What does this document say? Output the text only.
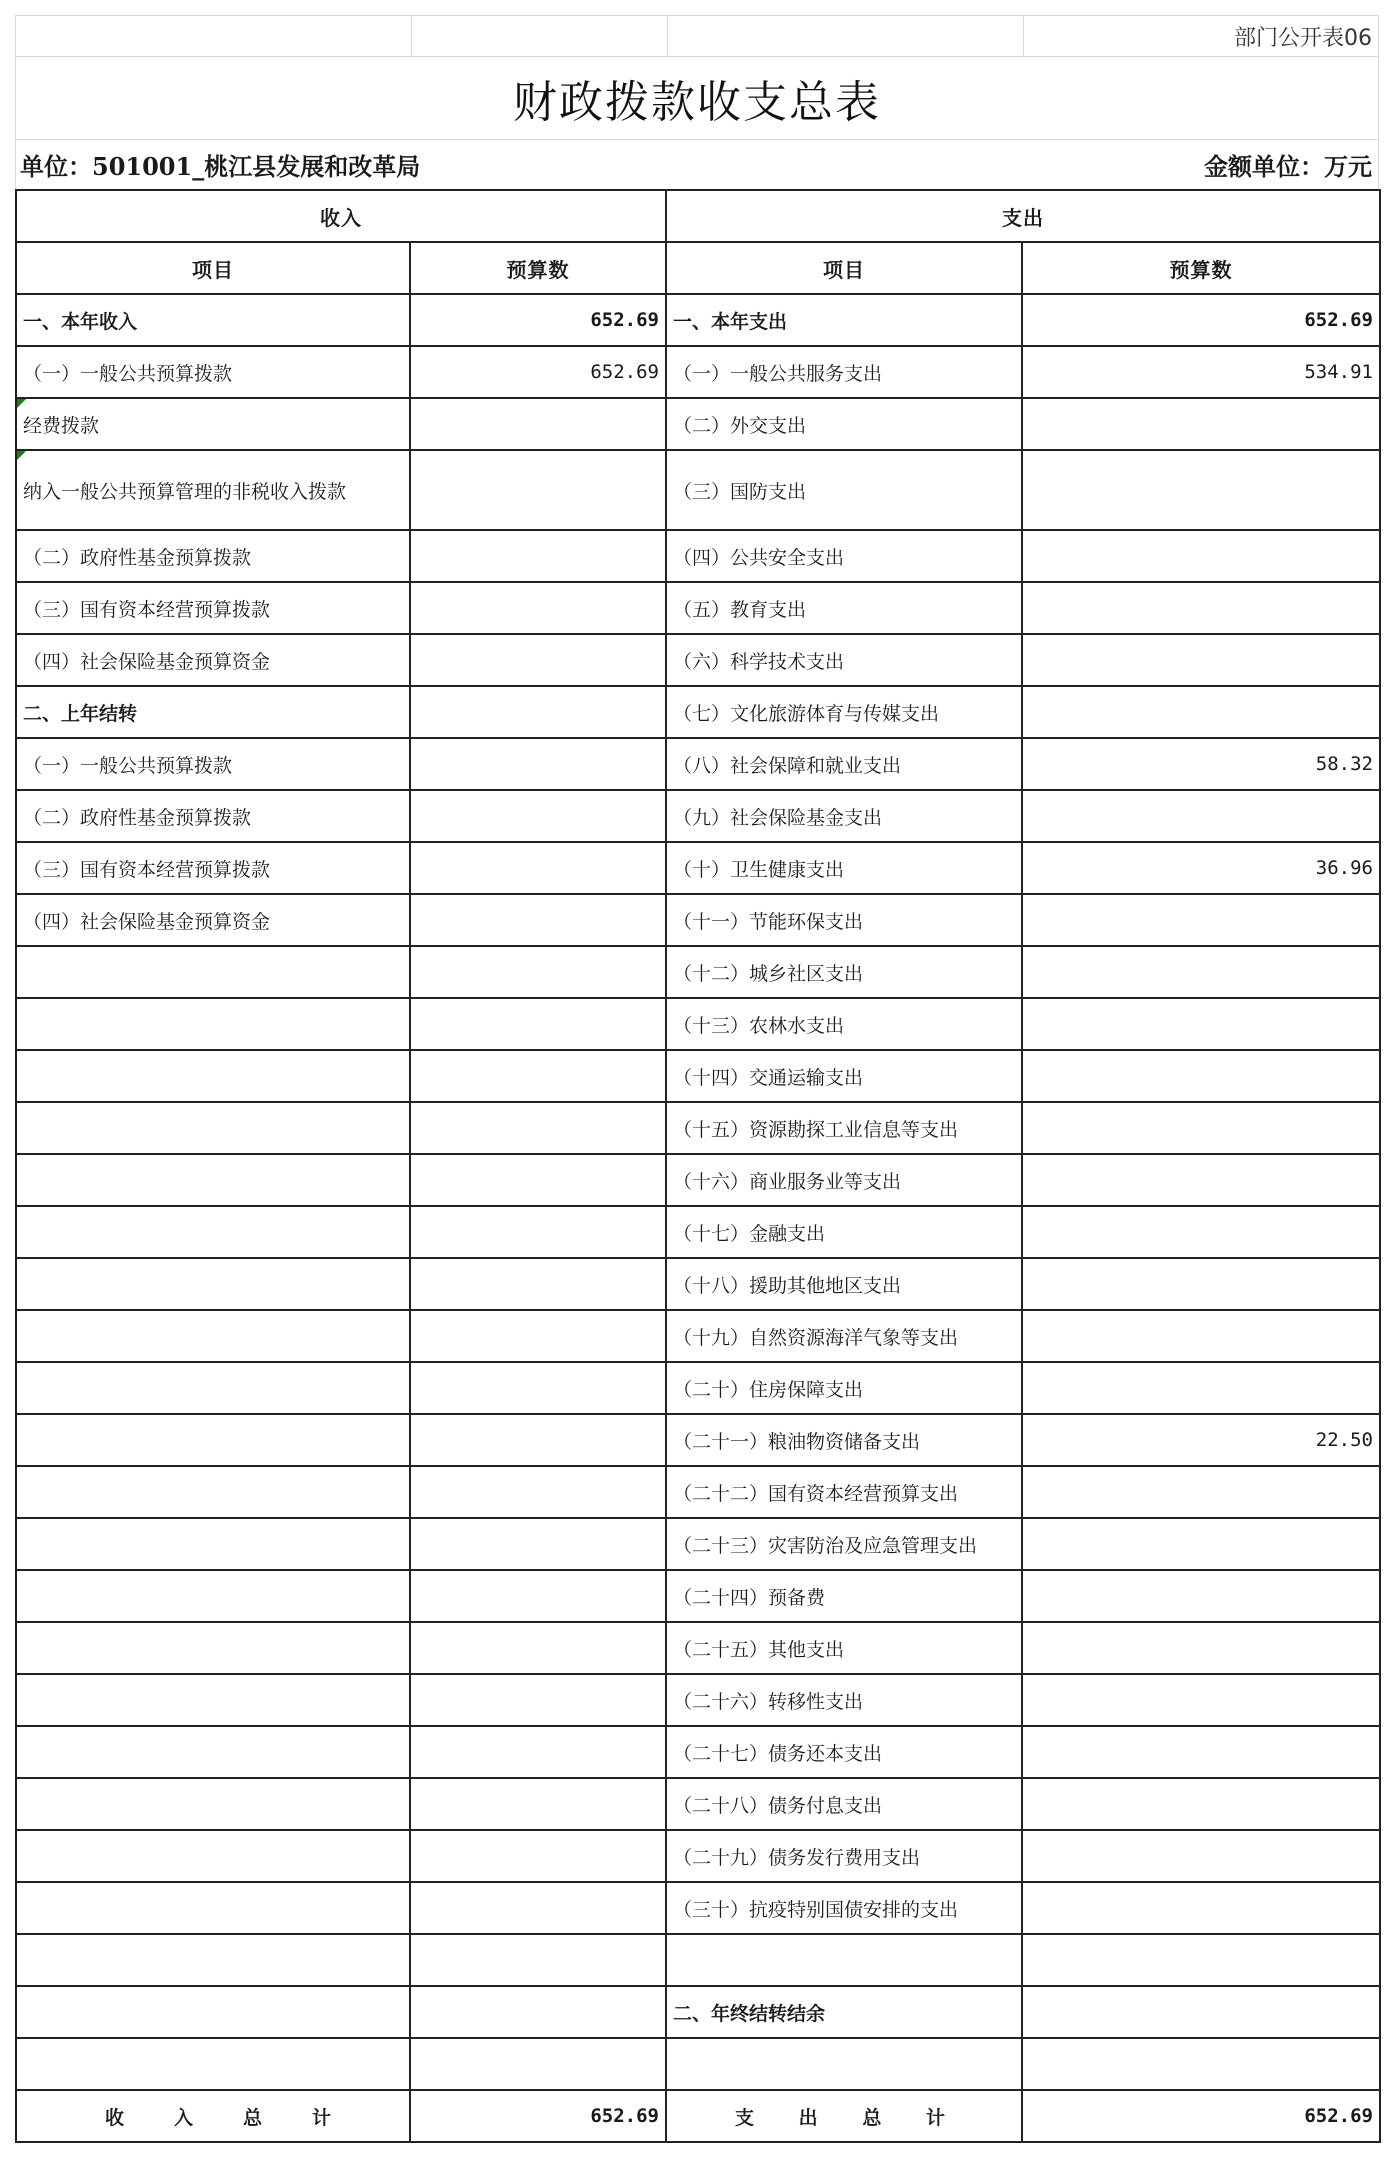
部门公开表06
财政拨款收支总表
单位：501001_桃江县发展和改革局	金额单位：万元
收入		支出	
项目	预算数	项目	预算数
一、本年收入	652.69	一、本年支出	652.69
（一）一般公共预算拨款	652.69	（一）一般公共服务支出	534.91
经费拨款		（二）外交支出	
纳入一般公共预算管理的非税收入拨款		（三）国防支出	
（二）政府性基金预算拨款		（四）公共安全支出	
（三）国有资本经营预算拨款		（五）教育支出	
（四）社会保险基金预算资金		（六）科学技术支出	
二、上年结转		（七）文化旅游体育与传媒支出	
（一）一般公共预算拨款		（八）社会保障和就业支出	58.32
（二）政府性基金预算拨款		（九）社会保险基金支出	
（三）国有资本经营预算拨款		（十）卫生健康支出	36.96
（四）社会保险基金预算资金		（十一）节能环保支出	
		（十二）城乡社区支出	
		（十三）农林水支出	
		（十四）交通运输支出	
		（十五）资源勘探工业信息等支出	
		（十六）商业服务业等支出	
		（十七）金融支出	
		（十八）援助其他地区支出	
		（十九）自然资源海洋气象等支出	
		（二十）住房保障支出	
		（二十一）粮油物资储备支出	22.50
		（二十二）国有资本经营预算支出	
		（二十三）灾害防治及应急管理支出	
		（二十四）预备费	
		（二十五）其他支出	
		（二十六）转移性支出	
		（二十七）债务还本支出	
		（二十八）债务付息支出	
		（二十九）债务发行费用支出	
		（三十）抗疫特别国债安排的支出	

		二、年终结转结余	

收 入 总 计	652.69	支 出 总 计	652.69
